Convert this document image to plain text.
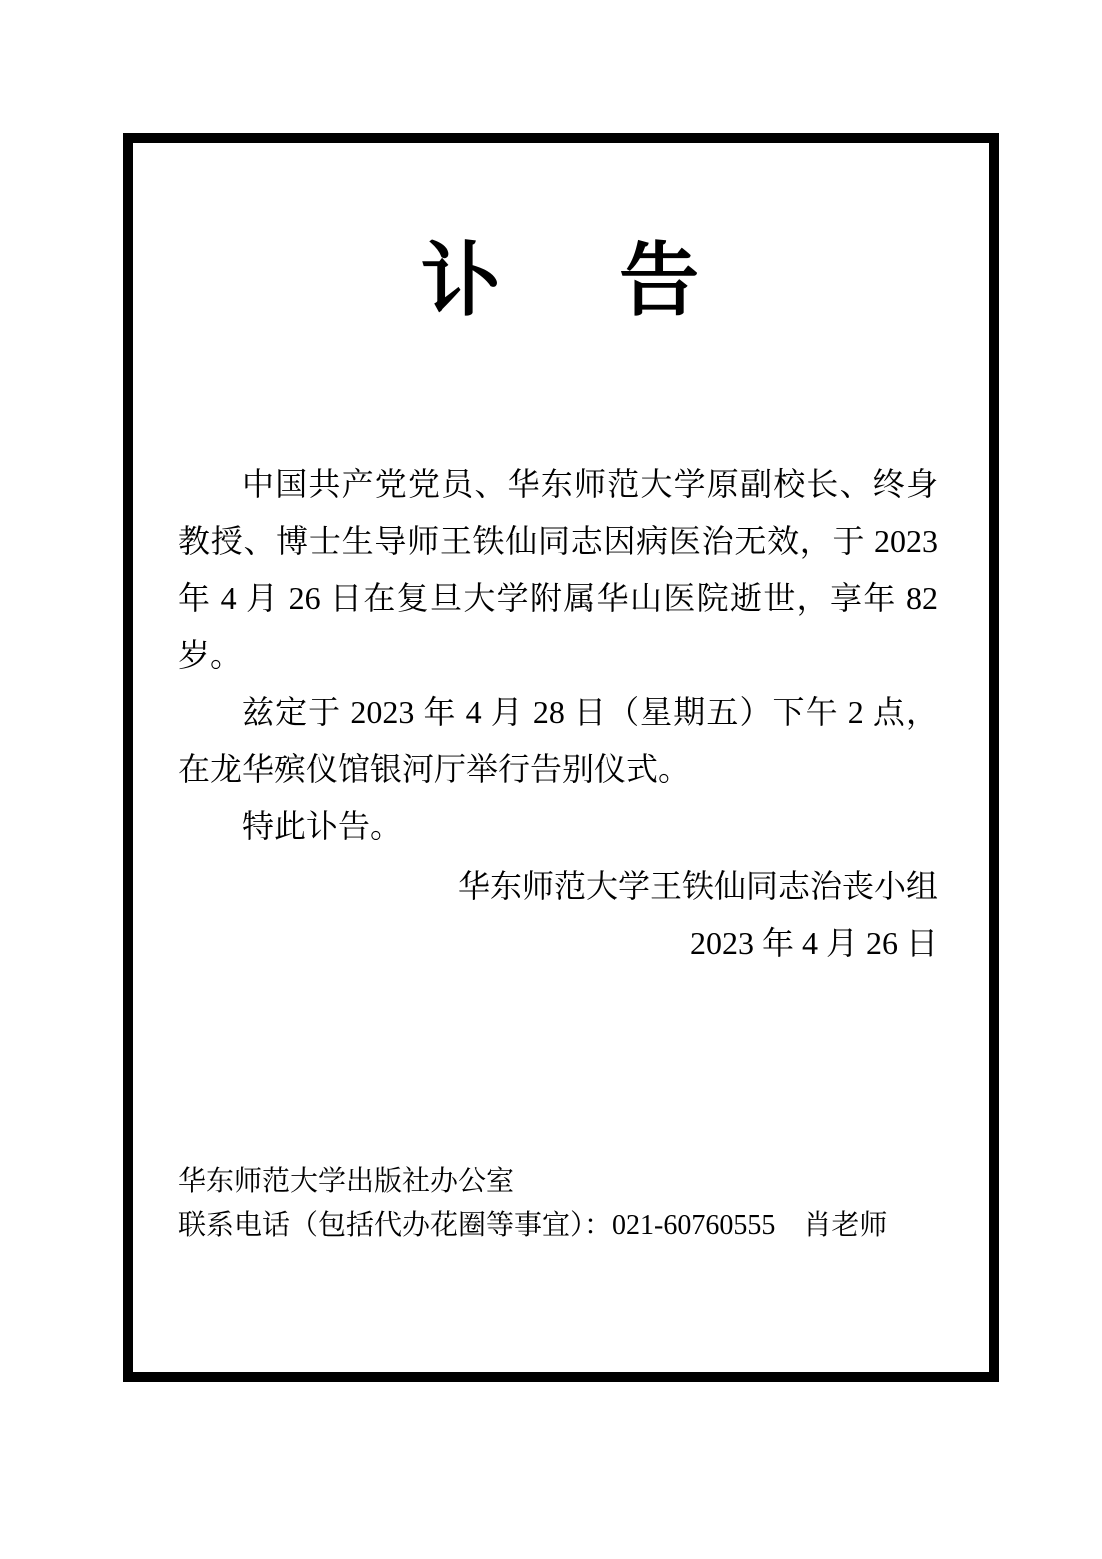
讣 告

中国共产党党员、华东师范大学原副校长、终身教授、博士生导师王铁仙同志因病医治无效，于 2023 年 4 月 26 日在复旦大学附属华山医院逝世，享年 82 岁。

兹定于 2023 年 4 月 28 日（星期五）下午 2 点，在龙华殡仪馆银河厅举行告别仪式。

特此讣告。

华东师范大学王铁仙同志治丧小组
2023 年 4 月 26 日
华东师范大学出版社办公室
联系电话（包括代办花圈等事宜）：021-60760555　肖老师
